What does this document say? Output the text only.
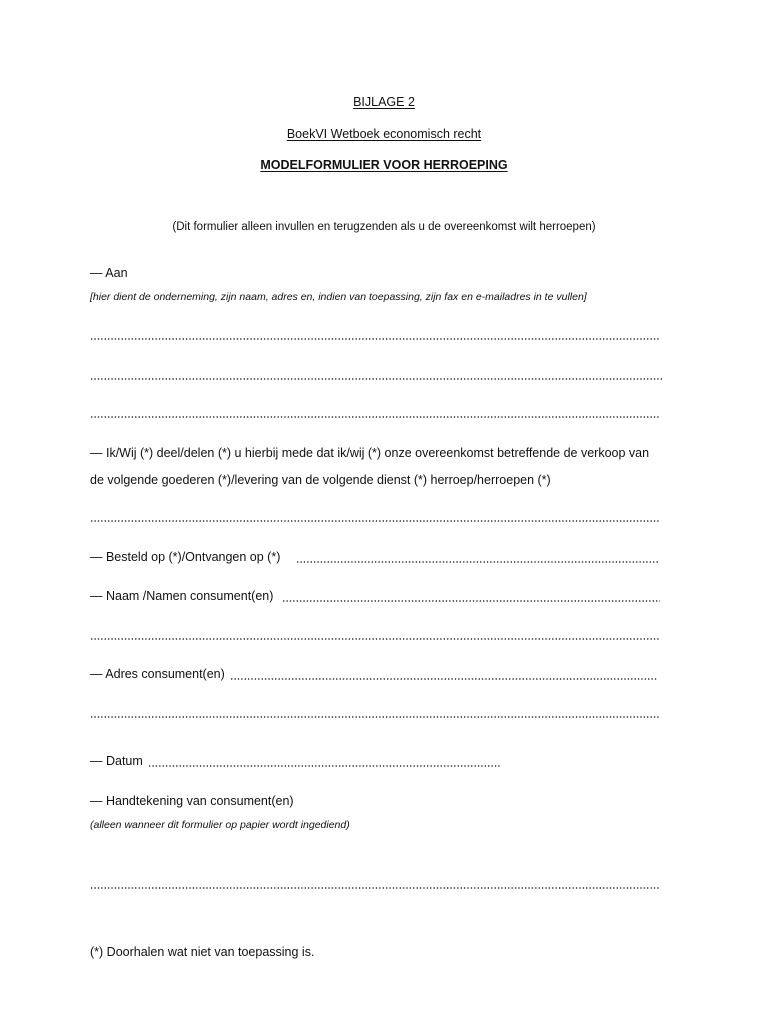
BIJLAGE 2
BoekVI Wetboek economisch recht
MODELFORMULIER VOOR HERROEPING
(Dit formulier alleen invullen en terugzenden als u de overeenkomst wilt herroepen)
— Aan
[hier dient de onderneming, zijn naam, adres en, indien van toepassing, zijn fax en e-mailadres in te vullen]
— Ik/Wij (*) deel/delen (*) u hierbij mede dat ik/wij (*) onze overeenkomst betreffende de verkoop van
de volgende goederen (*)/levering van de volgende dienst (*) herroep/herroepen (*)
— Besteld op (*)/Ontvangen op (*)
— Naam /Namen consument(en)
— Adres consument(en)
— Datum
— Handtekening van consument(en)
(alleen wanneer dit formulier op papier wordt ingediend)
(*) Doorhalen wat niet van toepassing is.
